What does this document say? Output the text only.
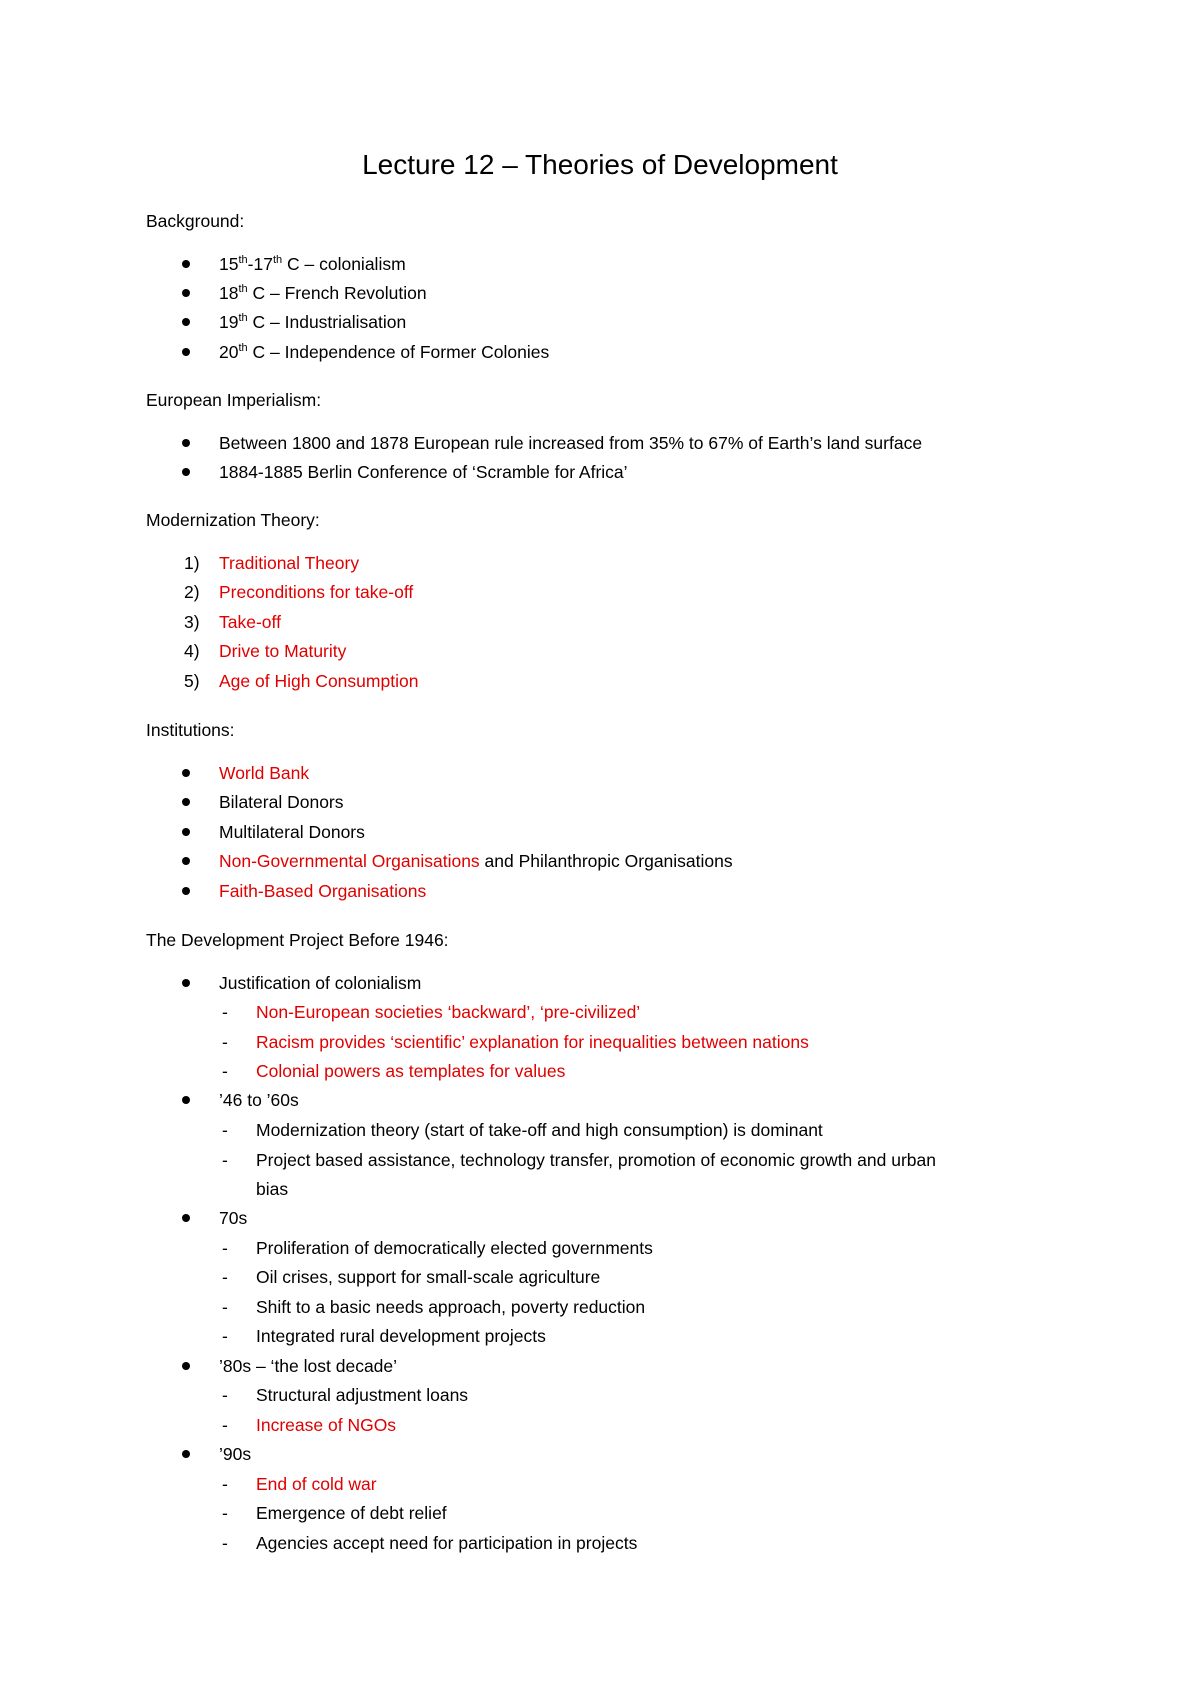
Lecture 12 – Theories of Development

Background:

15th-17th C – colonialism
18th C – French Revolution
19th C – Industrialisation
20th C – Independence of Former Colonies

European Imperialism:

Between 1800 and 1878 European rule increased from 35% to 67% of Earth’s land surface
1884-1885 Berlin Conference of ‘Scramble for Africa’

Modernization Theory:

1) Traditional Theory
2) Preconditions for take-off
3) Take-off
4) Drive to Maturity
5) Age of High Consumption

Institutions:

World Bank
Bilateral Donors
Multilateral Donors
Non-Governmental Organisations and Philanthropic Organisations
Faith-Based Organisations

The Development Project Before 1946:

Justification of colonialism
- Non-European societies ‘backward’, ‘pre-civilized’
- Racism provides ‘scientific’ explanation for inequalities between nations
- Colonial powers as templates for values
’46 to ’60s
- Modernization theory (start of take-off and high consumption) is dominant
- Project based assistance, technology transfer, promotion of economic growth and urban
bias
70s
- Proliferation of democratically elected governments
- Oil crises, support for small-scale agriculture
- Shift to a basic needs approach, poverty reduction
- Integrated rural development projects
’80s – ‘the lost decade’
- Structural adjustment loans
- Increase of NGOs
’90s
- End of cold war
- Emergence of debt relief
- Agencies accept need for participation in projects
